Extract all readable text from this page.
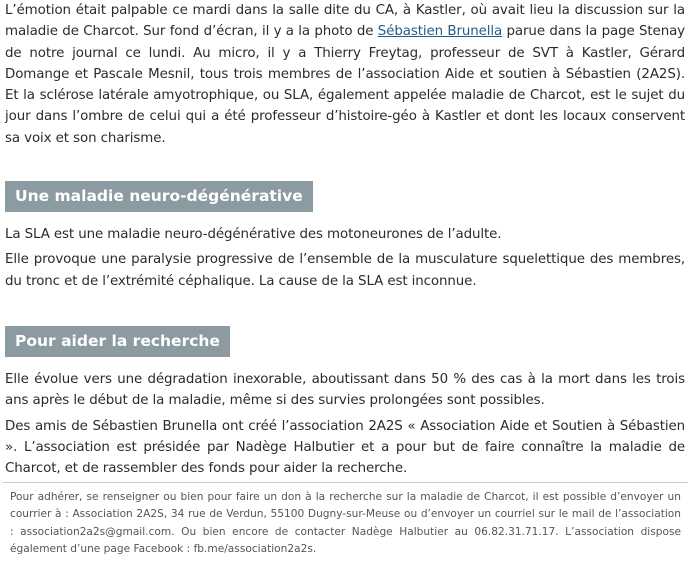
L’émotion était palpable ce mardi dans la salle dite du CA, à Kastler, où avait lieu la discussion sur la maladie de Charcot. Sur fond d’écran, il y a la photo de Sébastien Brunella parue dans la page Stenay de notre journal ce lundi. Au micro, il y a Thierry Freytag, professeur de SVT à Kastler, Gérard Domange et Pascale Mesnil, tous trois membres de l’association Aide et soutien à Sébastien (2A2S). Et la sclérose latérale amyotrophique, ou SLA, également appelée maladie de Charcot, est le sujet du jour dans l’ombre de celui qui a été professeur d’histoire-géo à Kastler et dont les locaux conservent sa voix et son charisme.

Une maladie neuro-dégénérative

La SLA est une maladie neuro-dégénérative des motoneurones de l’adulte.

Elle provoque une paralysie progressive de l’ensemble de la musculature squelettique des membres, du tronc et de l’extrémité céphalique. La cause de la SLA est inconnue.

Pour aider la recherche

Elle évolue vers une dégradation inexorable, aboutissant dans 50 % des cas à la mort dans les trois ans après le début de la maladie, même si des survies prolongées sont possibles.

Des amis de Sébastien Brunella ont créé l’association 2A2S « Association Aide et Soutien à Sébastien ». L’association est présidée par Nadège Halbutier et a pour but de faire connaître la maladie de Charcot, et de rassembler des fonds pour aider la recherche.

Pour adhérer, se renseigner ou bien pour faire un don à la recherche sur la maladie de Charcot, il est possible d’envoyer un courrier à : Association 2A2S, 34 rue de Verdun, 55100 Dugny-sur-Meuse ou d’envoyer un courriel sur le mail de l’association : association2a2s@gmail.com. Ou bien encore de contacter Nadège Halbutier au 06.82.31.71.17. L’association dispose également d’une page Facebook : fb.me/association2a2s.
